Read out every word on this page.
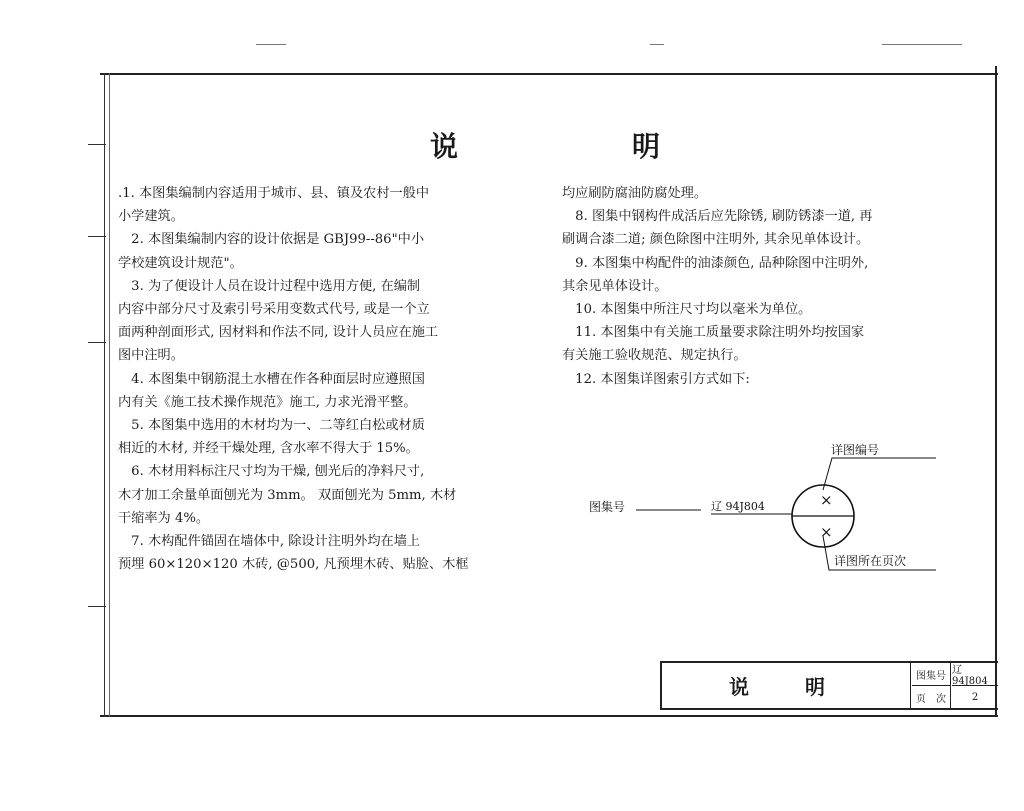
说	明

.1. 本图集编制内容适用于城市、县、镇及农村一般中

小学建筑。

　2. 本图集编制内容的设计依据是 GBJ99--86"中小

学校建筑设计规范"。

　3. 为了便设计人员在设计过程中选用方便, 在编制

内容中部分尺寸及索引号采用变数式代号, 或是一个立

面两种剖面形式, 因材料和作法不同, 设计人员应在施工

图中注明。

　4. 本图集中钢筋混土水槽在作各种面层时应遵照国

内有关《施工技术操作规范》施工, 力求光滑平整。

　5. 本图集中选用的木材均为一、二等红白松或材质

相近的木材, 并经干燥处理, 含水率不得大于 15%。

　6. 木材用料标注尺寸均为干燥, 刨光后的净料尺寸,

木才加工余量单面刨光为 3mm。 双面刨光为 5mm, 木材

干缩率为 4%。

　7. 木构配件锚固在墙体中, 除设计注明外均在墙上

预埋 60×120×120 木砖, @500, 凡预埋木砖、贴脸、木框

均应刷防腐油防腐处理。

　8. 图集中钢构件成活后应先除锈, 刷防锈漆一道, 再

刷调合漆二道; 颜色除图中注明外, 其余见单体设计。

　9. 本图集中构配件的油漆颜色, 品种除图中注明外,

其余见单体设计。

　10. 本图集中所注尺寸均以毫米为单位。

　11. 本图集中有关施工质量要求除注明外均按国家

有关施工验收规范、规定执行。

　12. 本图集详图索引方式如下:

×
×
详图编号
详图所在页次
图集号	辽 94J804
说　明	图集号 辽 94J804
页　次	2
